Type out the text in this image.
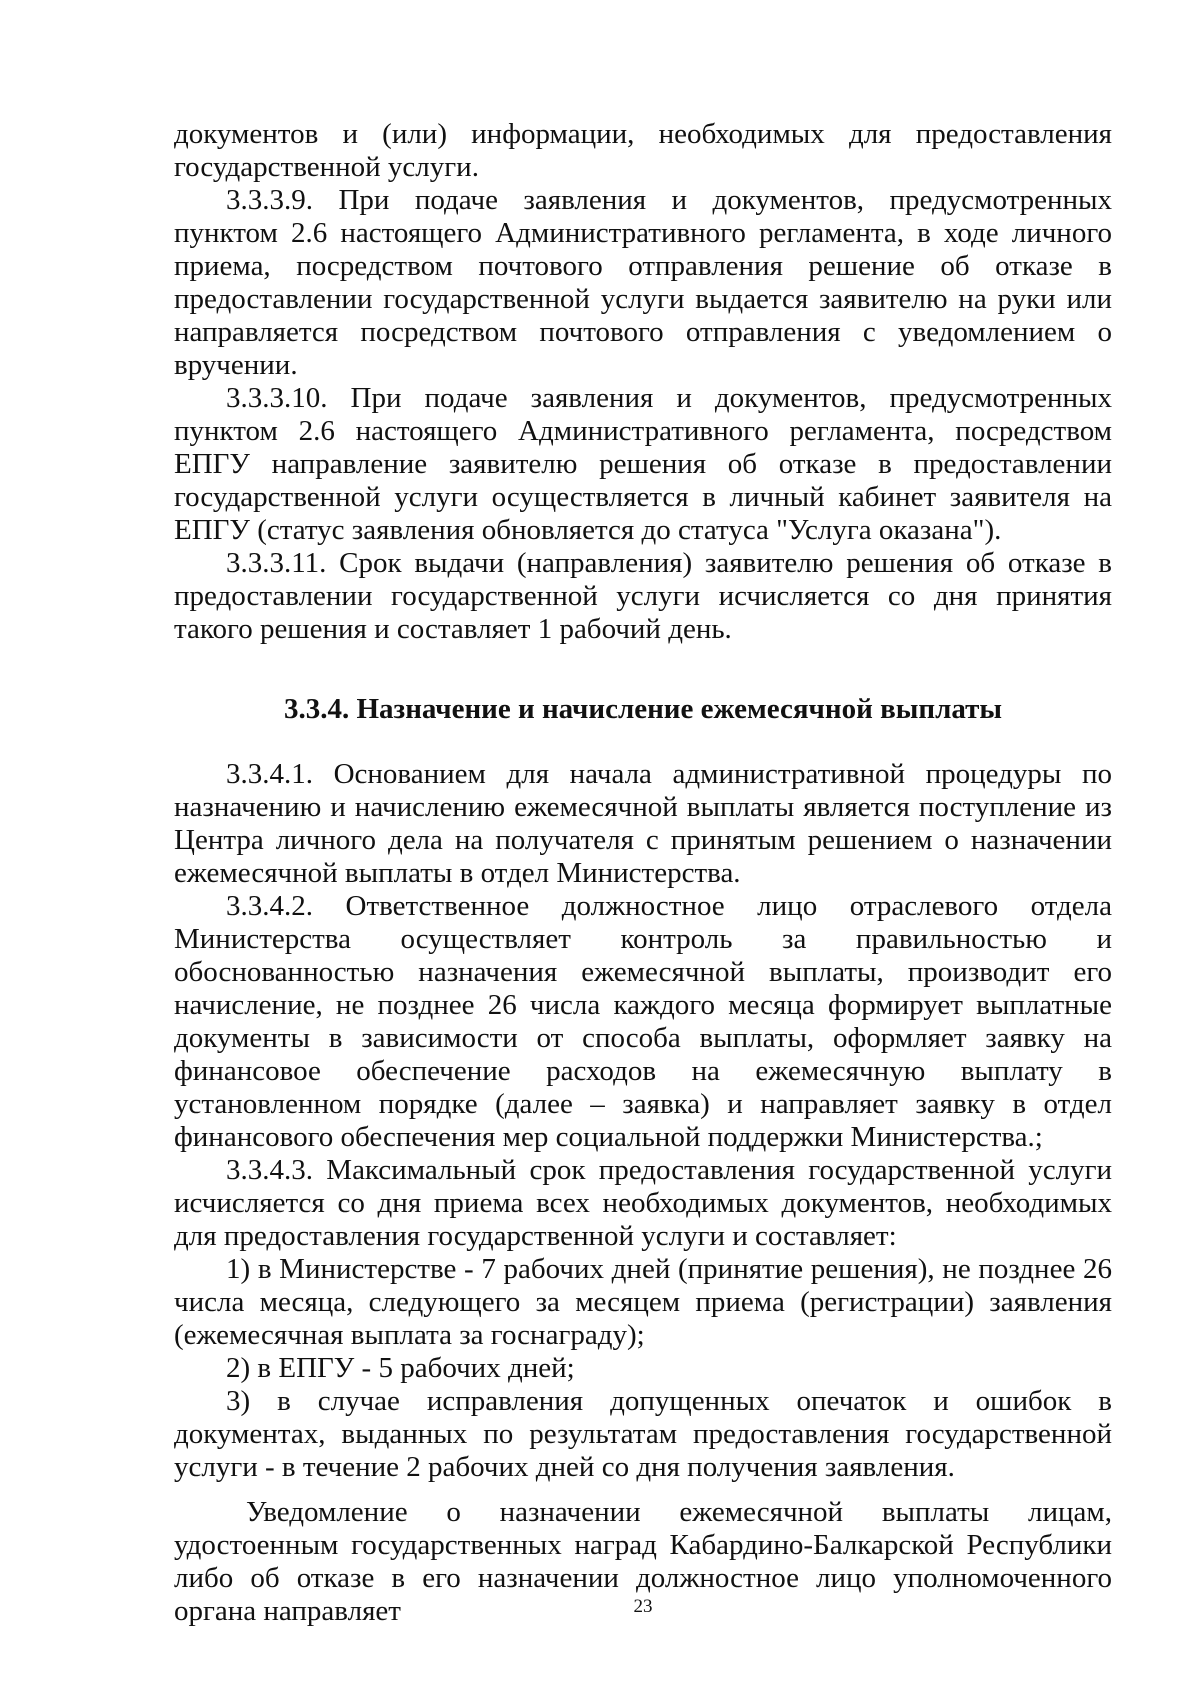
документов и (или) информации, необходимых для предоставления государственной услуги.

3.3.3.9. При подаче заявления и документов, предусмотренных пунктом 2.6 настоящего Административного регламента, в ходе личного приема, посредством почтового отправления решение об отказе в предоставлении государственной услуги выдается заявителю на руки или направляется посредством почтового отправления с уведомлением о вручении.

3.3.3.10. При подаче заявления и документов, предусмотренных пунктом 2.6 настоящего Административного регламента, посредством ЕПГУ направление заявителю решения об отказе в предоставлении государственной услуги осуществляется в личный кабинет заявителя на ЕПГУ (статус заявления обновляется до статуса "Услуга оказана").

3.3.3.11. Срок выдачи (направления) заявителю решения об отказе в предоставлении государственной услуги исчисляется со дня принятия такого решения и составляет 1 рабочий день.

3.3.4. Назначение и начисление ежемесячной выплаты

3.3.4.1. Основанием для начала административной процедуры по назначению и начислению ежемесячной выплаты является поступление из Центра личного дела на получателя с принятым решением о назначении ежемесячной выплаты в отдел Министерства.

3.3.4.2. Ответственное должностное лицо отраслевого отдела Министерства осуществляет контроль за правильностью и обоснованностью назначения ежемесячной выплаты, производит его начисление, не позднее 26 числа каждого месяца формирует выплатные документы в зависимости от способа выплаты, оформляет заявку на финансовое обеспечение расходов на ежемесячную выплату в установленном порядке (далее – заявка) и направляет заявку в отдел финансового обеспечения мер социальной поддержки Министерства.;

3.3.4.3. Максимальный срок предоставления государственной услуги исчисляется со дня приема всех необходимых документов, необходимых для предоставления государственной услуги и составляет:

1) в Министерстве - 7 рабочих дней (принятие решения), не позднее 26 числа месяца, следующего за месяцем приема (регистрации) заявления (ежемесячная выплата за госнаграду);

2) в ЕПГУ - 5 рабочих дней;

3) в случае исправления допущенных опечаток и ошибок в документах, выданных по результатам предоставления государственной услуги - в течение 2 рабочих дней со дня получения заявления.

Уведомление о назначении ежемесячной выплаты лицам, удостоенным государственных наград Кабардино-Балкарской Республики либо об отказе в его назначении должностное лицо уполномоченного органа направляет	23
